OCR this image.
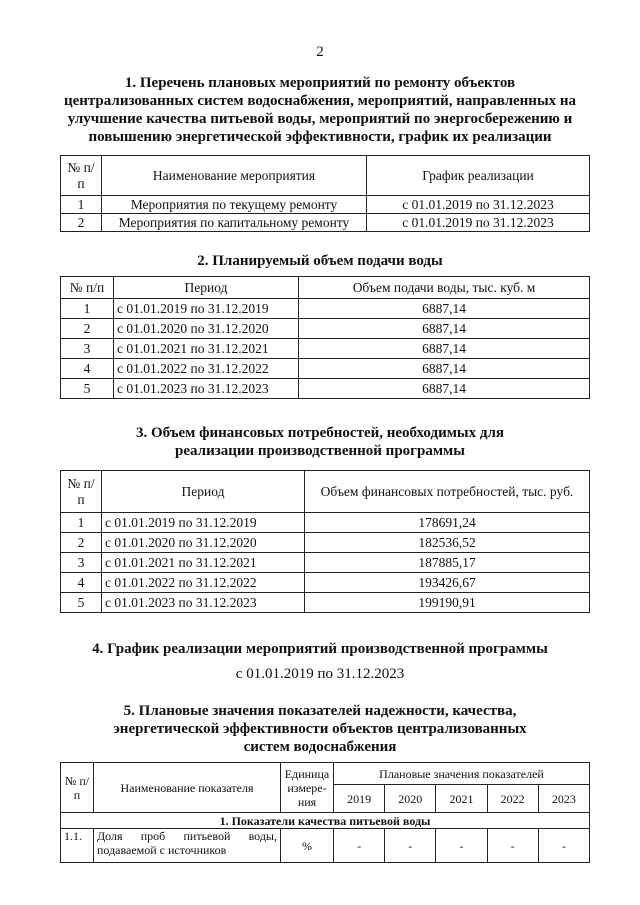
2
1. Перечень плановых мероприятий по ремонту объектов
централизованных систем водоснабжения, мероприятий, направленных на
улучшение качества питьевой воды, мероприятий по энергосбережению и
повышению энергетической эффективности, график их реализации
№ п/п	Наименование мероприятия	График реализации
1	Мероприятия по текущему ремонту	с 01.01.2019 по 31.12.2023
2	Мероприятия по капитальному ремонту	с 01.01.2019 по 31.12.2023
2. Планируемый объем подачи воды
№ п/п	Период	Объем подачи воды, тыс. куб. м
1	с 01.01.2019 по 31.12.2019	6887,14
2	с 01.01.2020 по 31.12.2020	6887,14
3	с 01.01.2021 по 31.12.2021	6887,14
4	с 01.01.2022 по 31.12.2022	6887,14
5	с 01.01.2023 по 31.12.2023	6887,14
3. Объем финансовых потребностей, необходимых для
реализации производственной программы
№ п/п	Период	Объем финансовых потребностей, тыс. руб.
1	с 01.01.2019 по 31.12.2019	178691,24
2	с 01.01.2020 по 31.12.2020	182536,52
3	с 01.01.2021 по 31.12.2021	187885,17
4	с 01.01.2022 по 31.12.2022	193426,67
5	с 01.01.2023 по 31.12.2023	199190,91
4. График реализации мероприятий производственной программы
с 01.01.2019 по 31.12.2023
5. Плановые значения показателей надежности, качества,
энергетической эффективности объектов централизованных
систем водоснабжения
№ п/п	Наименование показателя	Единица измере-ния	Плановые значения показателей				
			2019	2020	2021	2022	2023
1. Показатели качества питьевой воды							
1.1.	Доля проб питьевой воды, подаваемой с источников	%	-	-	-	-	-
